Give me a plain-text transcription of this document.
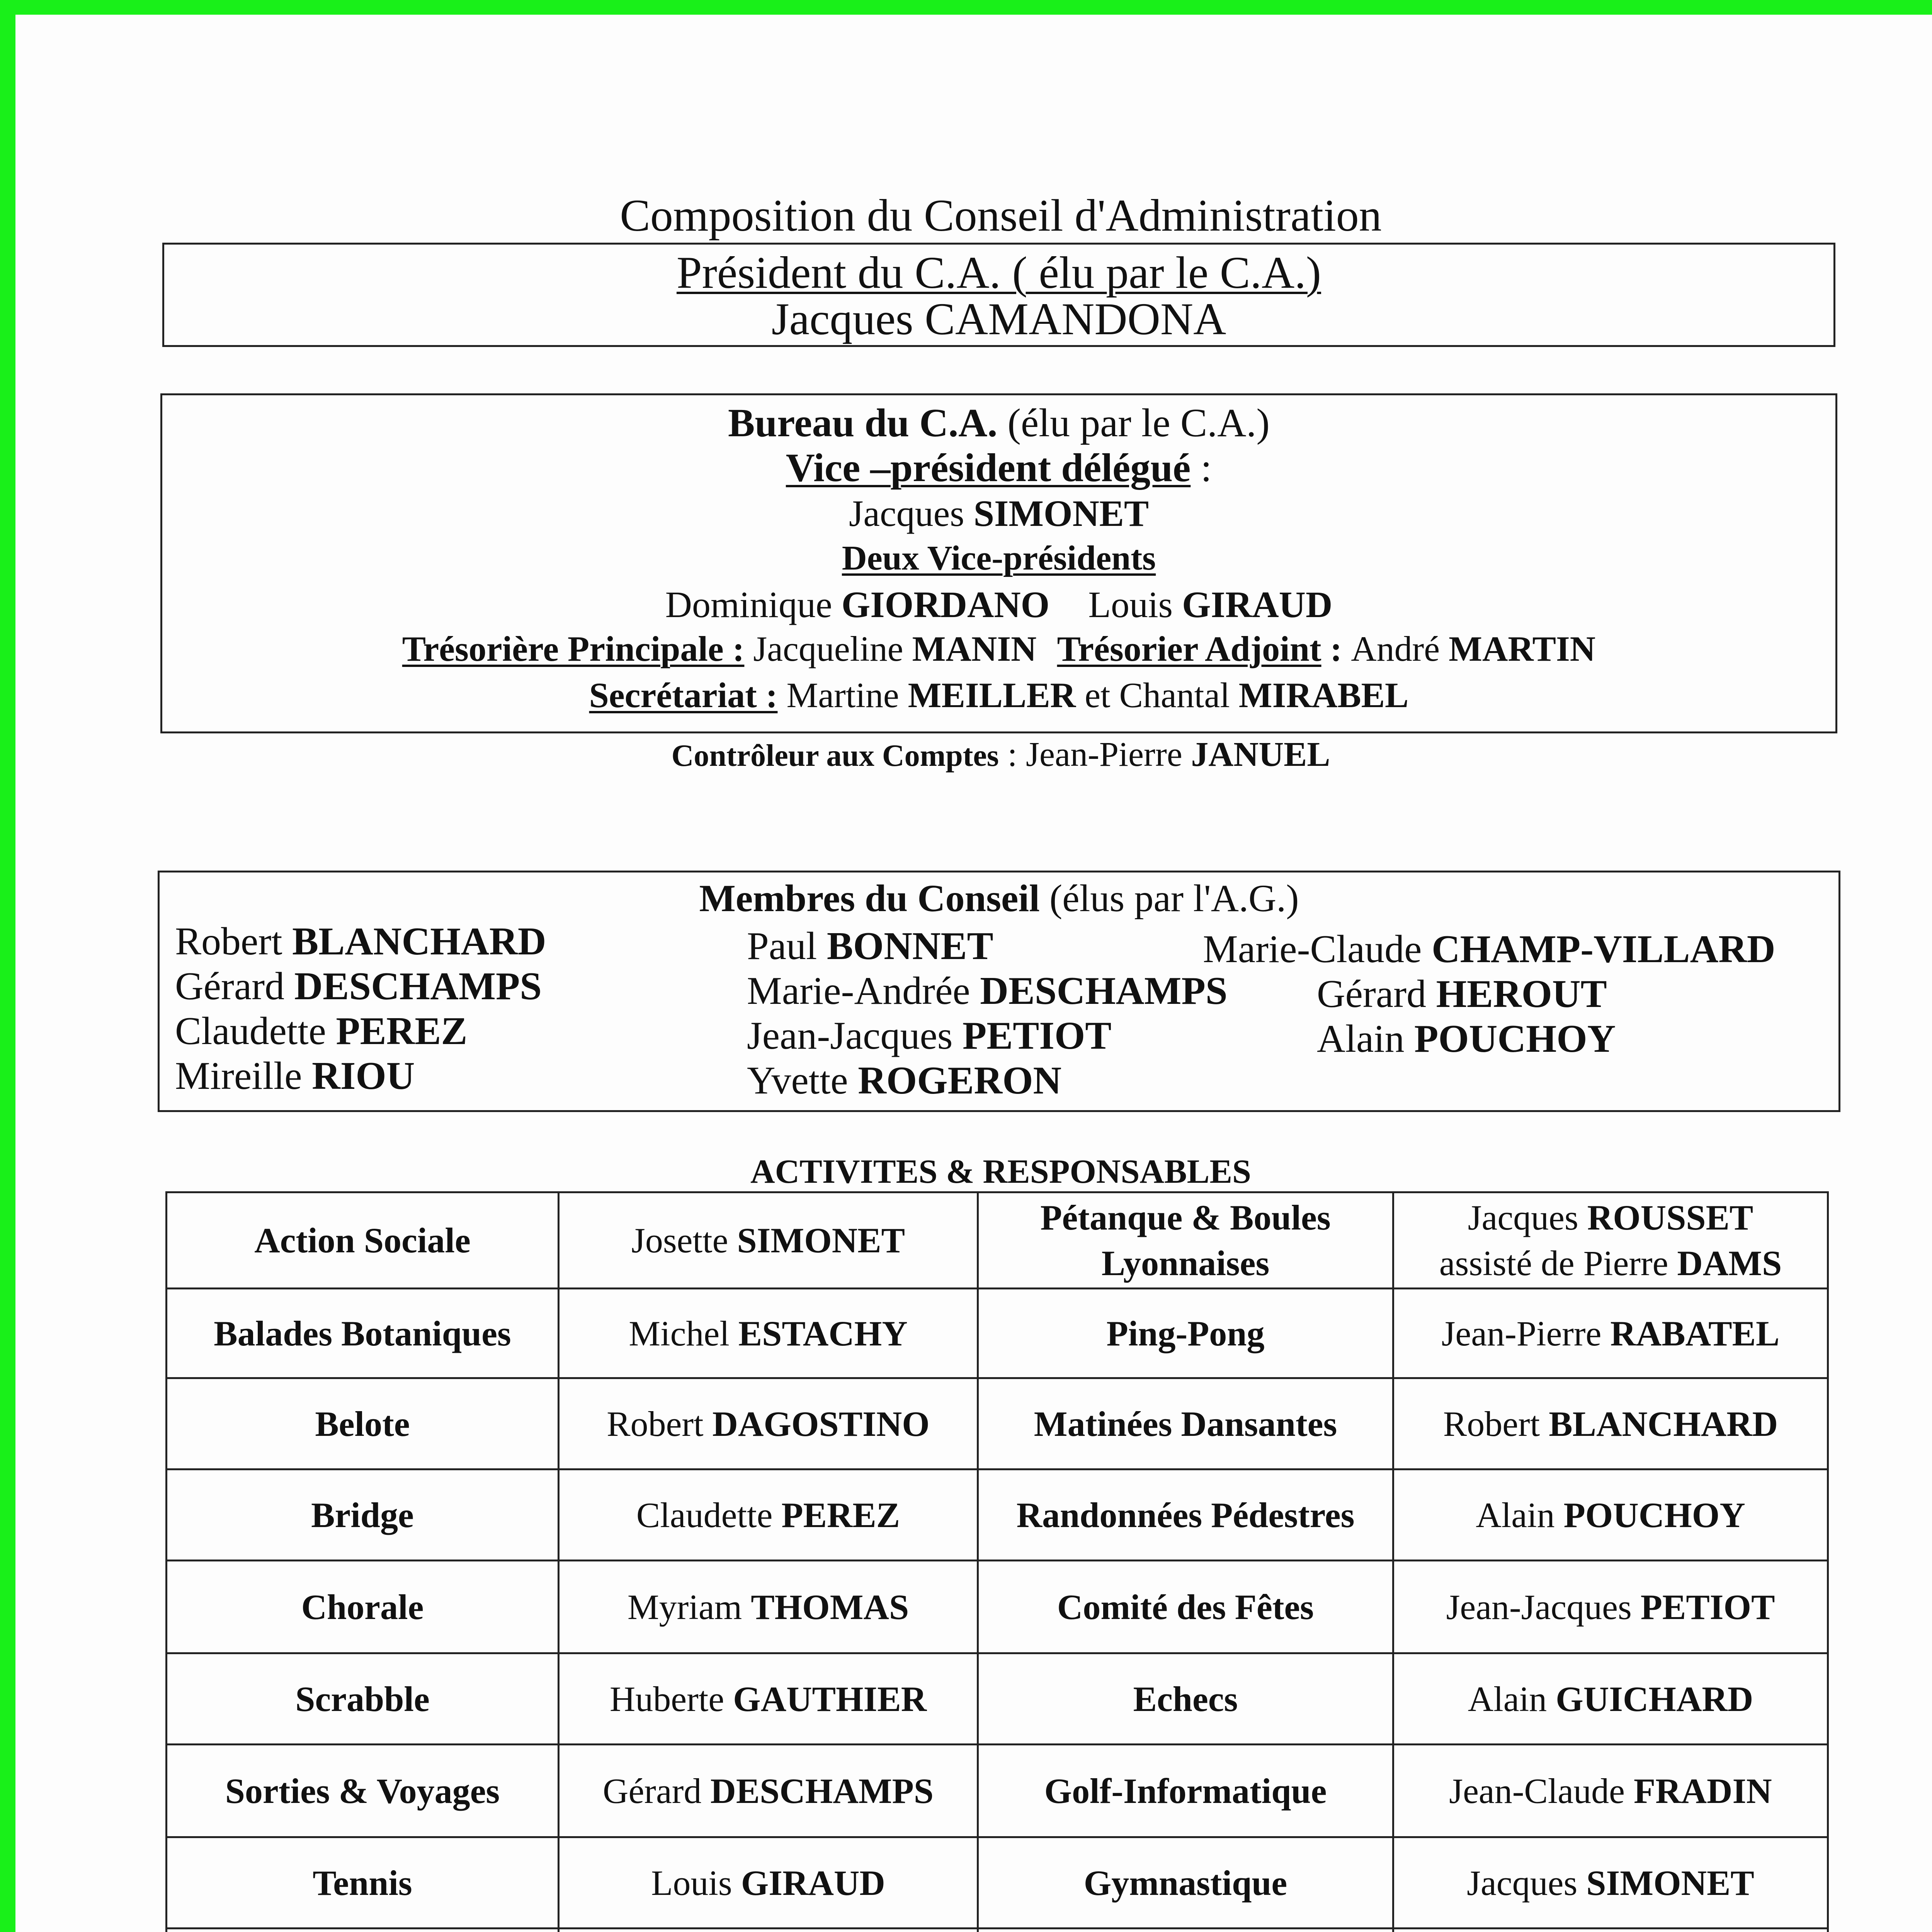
Composition du Conseil d'Administration
Président du C.A. ( élu par le C.A.)
Jacques CAMANDONA
Bureau du C.A. (élu par le C.A.)
Vice –président délégué :
Jacques SIMONET
Deux Vice-présidents
Dominique GIORDANO Louis GIRAUD
Trésorière Principale : Jacqueline MANIN Trésorier Adjoint : André MARTIN
Secrétariat : Martine MEILLER et Chantal MIRABEL
Contrôleur aux Comptes : Jean-Pierre JANUEL
Membres du Conseil (élus par l'A.G.)
Robert BLANCHARD
Gérard DESCHAMPS
Claudette PEREZ
Mireille RIOU
Paul BONNET
Marie-Andrée DESCHAMPS
Jean-Jacques PETIOT
Yvette ROGERON
Marie-Claude CHAMP-VILLARD
Gérard HEROUT
Alain POUCHOY
ACTIVITES & RESPONSABLES
Action Sociale	Josette SIMONET	Pétanque & Boules Lyonnaises	Jacques ROUSSET
assisté de Pierre DAMS

Balades Botaniques	Michel ESTACHY	Ping-Pong	Jean-Pierre RABATEL

Belote	Robert DAGOSTINO	Matinées Dansantes	Robert BLANCHARD

Bridge	Claudette PEREZ	Randonnées Pédestres	Alain POUCHOY

Chorale	Myriam THOMAS	Comité des Fêtes	Jean-Jacques PETIOT

Scrabble	Huberte GAUTHIER	Echecs	Alain GUICHARD

Sorties & Voyages	Gérard DESCHAMPS	Golf-Informatique	Jean-Claude FRADIN

Tennis	Louis GIRAUD	Gymnastique	Jacques SIMONET
